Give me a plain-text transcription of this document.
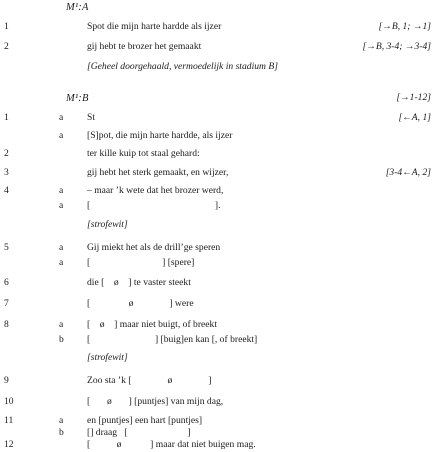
M¹:A
1	Spot die mijn harte hardde als ijzer	[→B, 1; →1]
2	gij hebt te brozer het gemaakt	[→B, 3-4; →3-4]
[Geheel doorgehaald, vermoedelijk in stadium B]
M¹:B	[→1-12]
1	a St	[←A, 1]
a [S]pot, die mijn harte hardde, als ijzer
2	ter kille kuip tot staal gehard:
3	gij hebt het sterk gemaakt, en wijzer,	[3-4←A, 2]
4	a – maar ’k wete dat het brozer werd,
a [                                                    ].
[strofewit]
5	a Gij miekt het als de drill’ge speren
a [                              ] [spere]
6	die [    ø    ] te vaster steekt
7	[                ø               ] were
8	a [    ø    ] maar niet buigt, of breekt
b [                           ] [buig]en kan [, of breekt]
[strofewit]
9	Zoo sta ’k [               ø               ]
10	[       ø       ] [puntjes] van mijn dag,
11	a en [puntjes] een hart [puntjes]
b [] draag   [                         ]
12	[           ø            ] maar dat niet buigen mag.
